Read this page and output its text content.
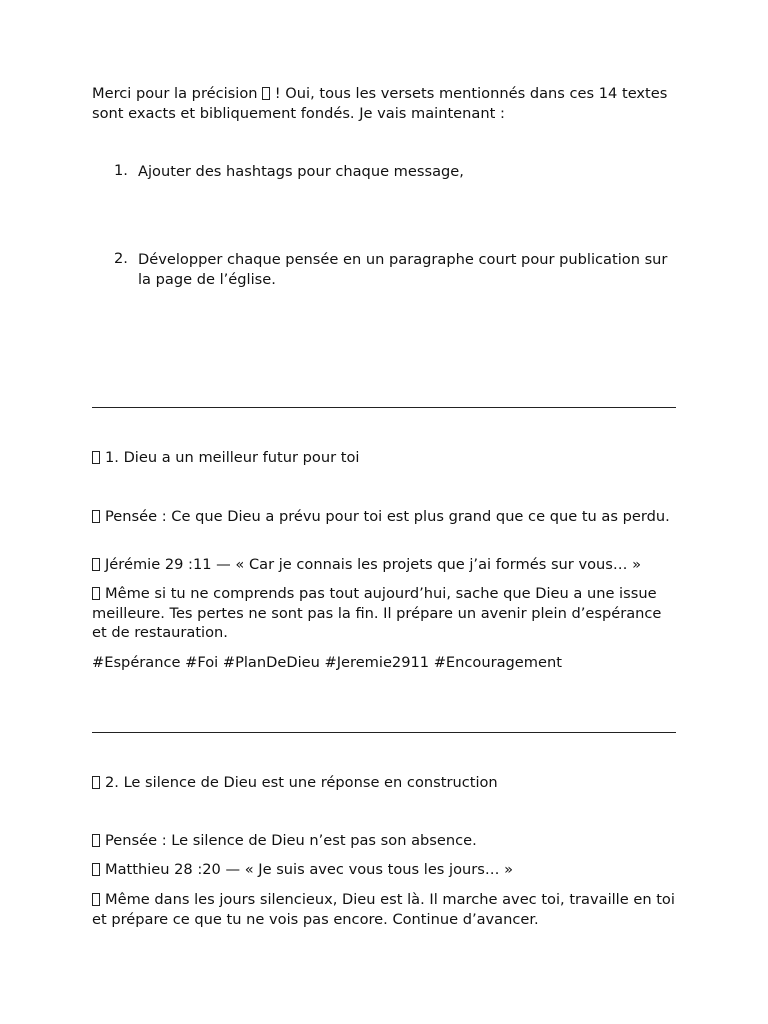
Merci pour la précision  ! Oui, tous les versets mentionnés dans ces 14 textes sont exacts et bibliquement fondés. Je vais maintenant :

1. Ajouter des hashtags pour chaque message,

2. Développer chaque pensée en un paragraphe court pour publication sur la page de l’église.

1. Dieu a un meilleur futur pour toi

Pensée : Ce que Dieu a prévu pour toi est plus grand que ce que tu as perdu.

Jérémie 29 :11 — « Car je connais les projets que j’ai formés sur vous… »

Même si tu ne comprends pas tout aujourd’hui, sache que Dieu a une issue meilleure. Tes pertes ne sont pas la fin. Il prépare un avenir plein d’espérance et de restauration.

#Espérance #Foi #PlanDeDieu #Jeremie2911 #Encouragement

2. Le silence de Dieu est une réponse en construction

Pensée : Le silence de Dieu n’est pas son absence.

Matthieu 28 :20 — « Je suis avec vous tous les jours… »

Même dans les jours silencieux, Dieu est là. Il marche avec toi, travaille en toi et prépare ce que tu ne vois pas encore. Continue d’avancer.
